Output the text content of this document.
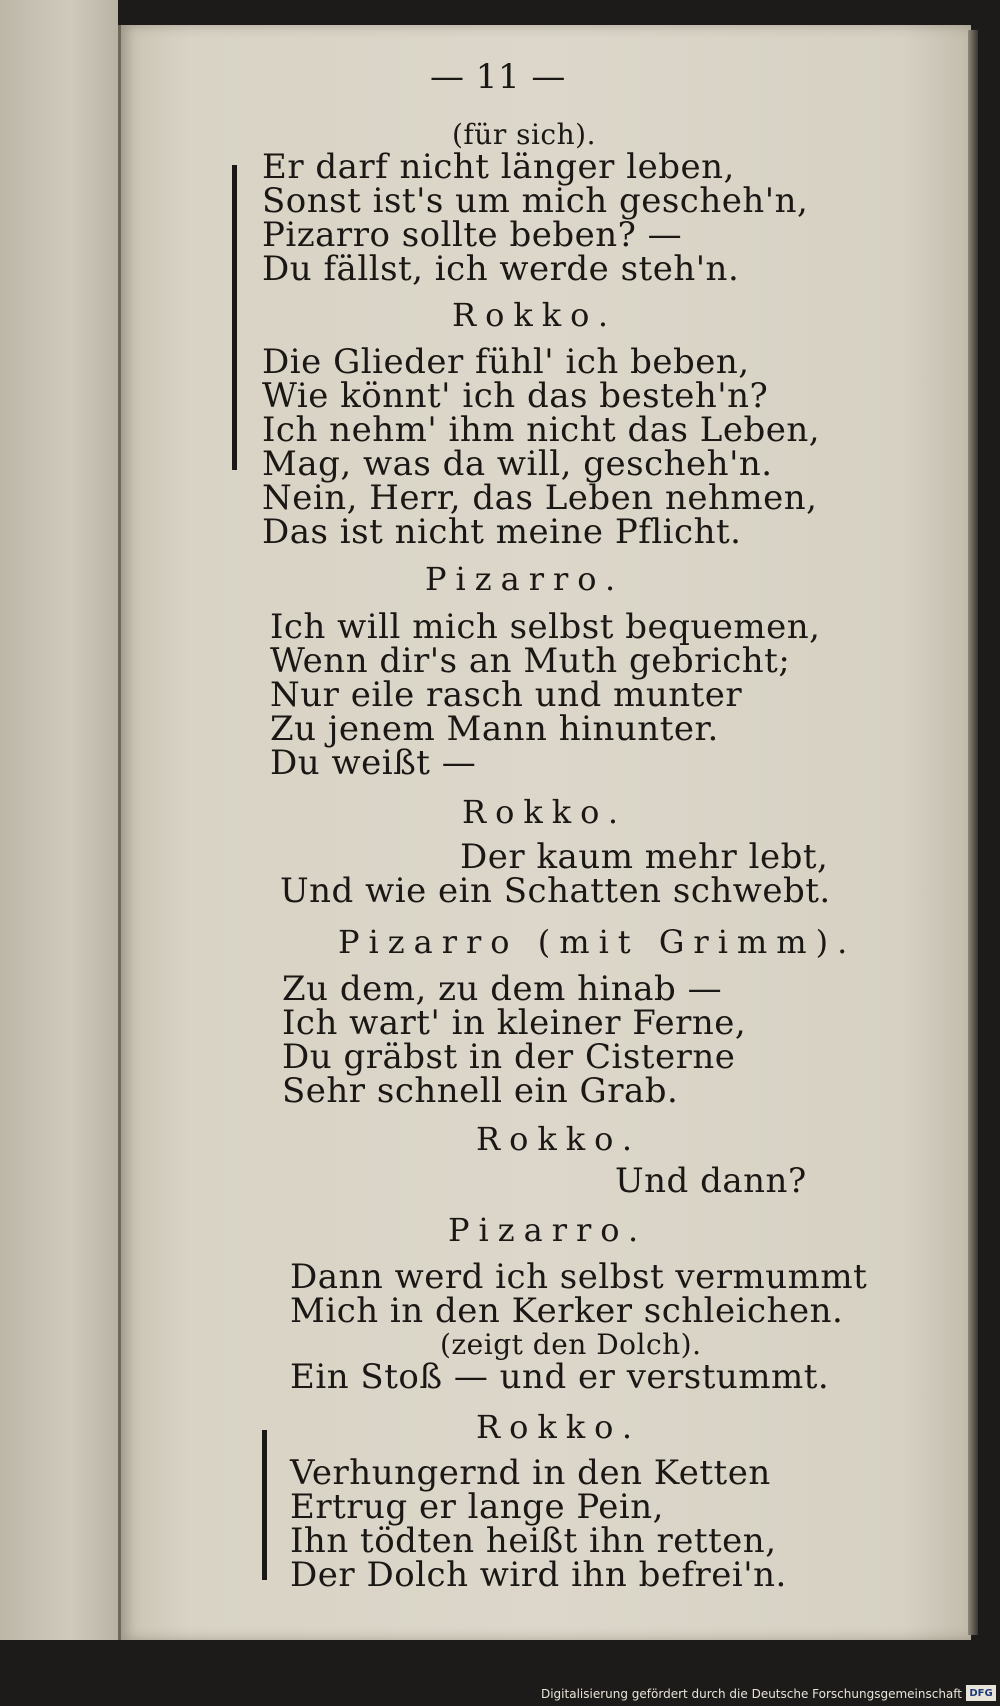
— 11 —
(für sich).
Er darf nicht länger leben,
Sonst ist's um mich gescheh'n,
Pizarro sollte beben? —
Du fällst, ich werde steh'n.
Rokko.
Die Glieder fühl' ich beben,
Wie könnt' ich das besteh'n?
Ich nehm' ihm nicht das Leben,
Mag, was da will, gescheh'n.
Nein, Herr, das Leben nehmen,
Das ist nicht meine Pflicht.
Pizarro.
Ich will mich selbst bequemen,
Wenn dir's an Muth gebricht;
Nur eile rasch und munter
Zu jenem Mann hinunter.
Du weißt —
Rokko.
Der kaum mehr lebt,
Und wie ein Schatten schwebt.
Pizarro (mit Grimm).
Zu dem, zu dem hinab —
Ich wart' in kleiner Ferne,
Du gräbst in der Cisterne
Sehr schnell ein Grab.
Rokko.
Und dann?
Pizarro.
Dann werd ich selbst vermummt
Mich in den Kerker schleichen.
(zeigt den Dolch).
Ein Stoß — und er verstummt.
Rokko.
Verhungernd in den Ketten
Ertrug er lange Pein,
Ihn tödten heißt ihn retten,
Der Dolch wird ihn befrei'n.
Digitalisierung gefördert durch die Deutsche Forschungsgemeinschaft DFG
